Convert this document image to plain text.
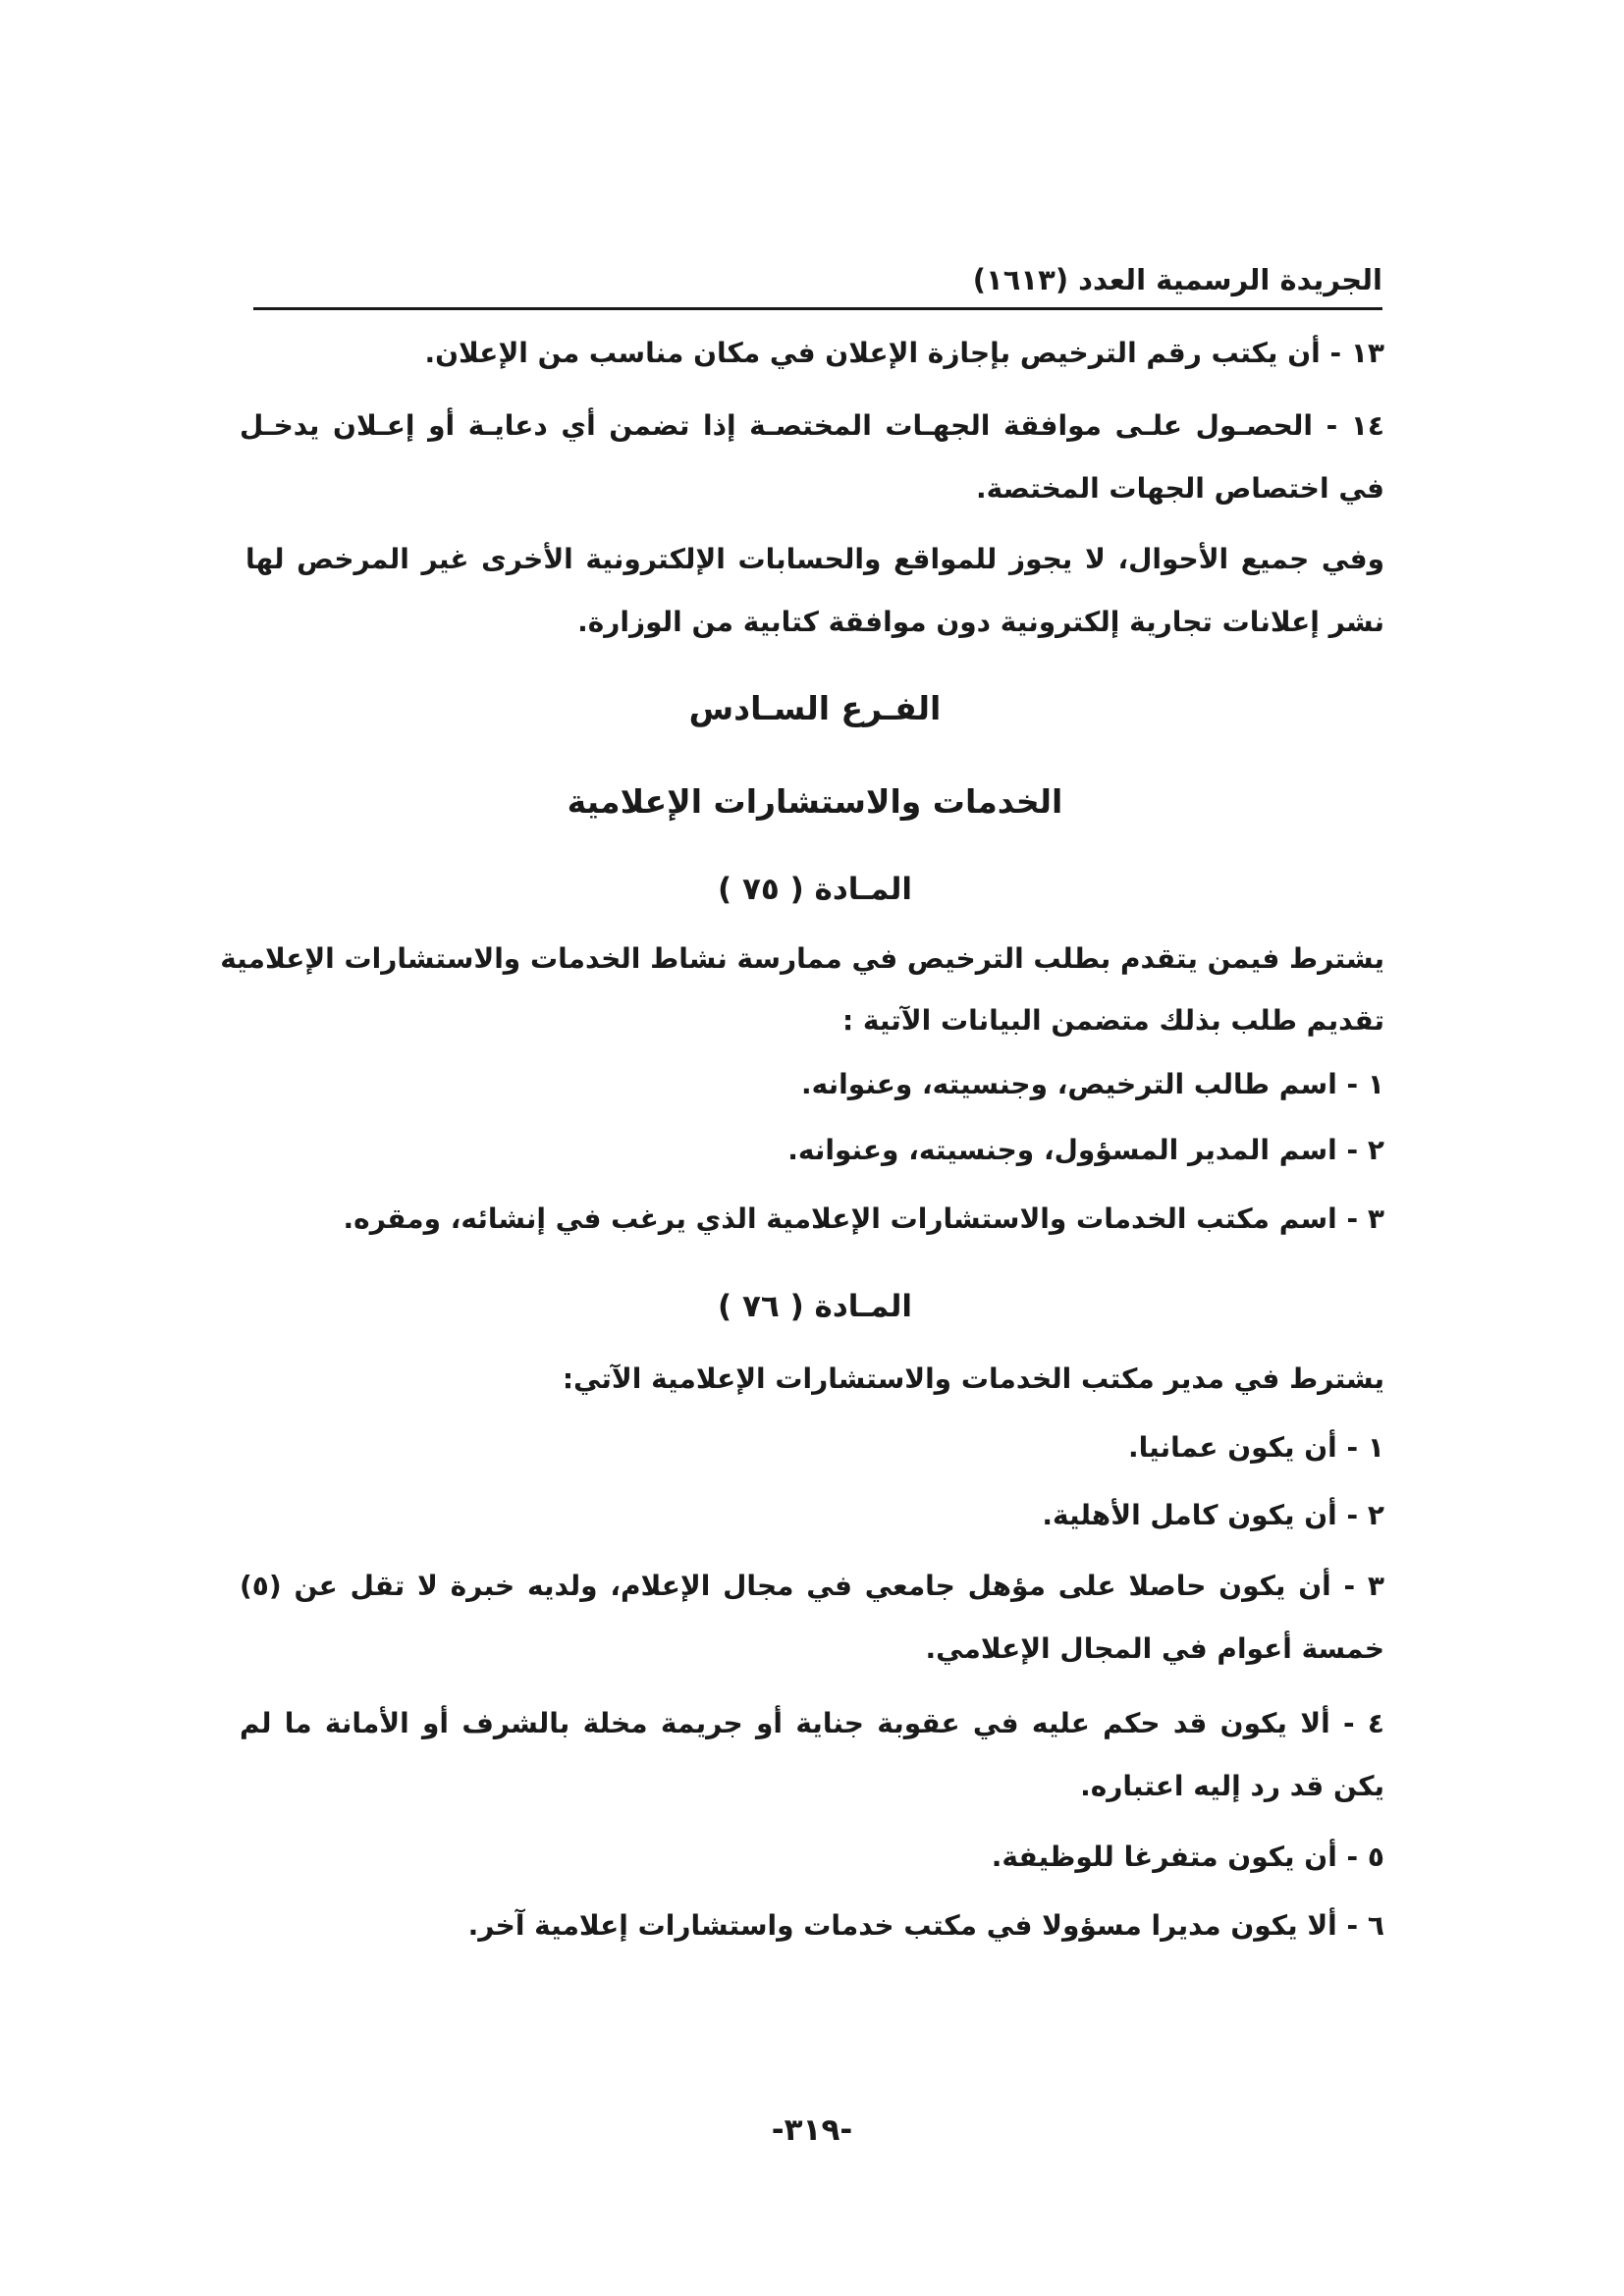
الجريدة الرسمية العدد (١٦١٣)
١٣ - أن يكتب رقم الترخيص بإجازة الإعلان في مكان مناسب من الإعلان.
١٤ - الحصـول علـى موافقة الجهـات المختصـة إذا تضمن أي دعايـة أو إعـلان يدخـل
في اختصاص الجهات المختصة.
وفي جميع الأحوال، لا يجوز للمواقع والحسابات الإلكترونية الأخرى غير المرخص لها
نشر إعلانات تجارية إلكترونية دون موافقة كتابية من الوزارة.
الفـرع السـادس
الخدمات والاستشارات الإعلامية
المـادة ( ٧٥ )
يشترط فيمن يتقدم بطلب الترخيص في ممارسة نشاط الخدمات والاستشارات الإعلامية
تقديم طلب بذلك متضمن البيانات الآتية :
١ - اسم طالب الترخيص، وجنسيته، وعنوانه.
٢ - اسم المدير المسؤول، وجنسيته، وعنوانه.
٣ - اسم مكتب الخدمات والاستشارات الإعلامية الذي يرغب في إنشائه، ومقره.
المـادة ( ٧٦ )
يشترط في مدير مكتب الخدمات والاستشارات الإعلامية الآتي:
١ - أن يكون عمانيا.
٢ - أن يكون كامل الأهلية.
٣ - أن يكون حاصلا على مؤهل جامعي في مجال الإعلام، ولديه خبرة لا تقل عن (٥)
خمسة أعوام في المجال الإعلامي.
٤ - ألا يكون قد حكم عليه في عقوبة جناية أو جريمة مخلة بالشرف أو الأمانة ما لم
يكن قد رد إليه اعتباره.
٥ - أن يكون متفرغا للوظيفة.
٦ - ألا يكون مديرا مسؤولا في مكتب خدمات واستشارات إعلامية آخر.
-٣١٩-
